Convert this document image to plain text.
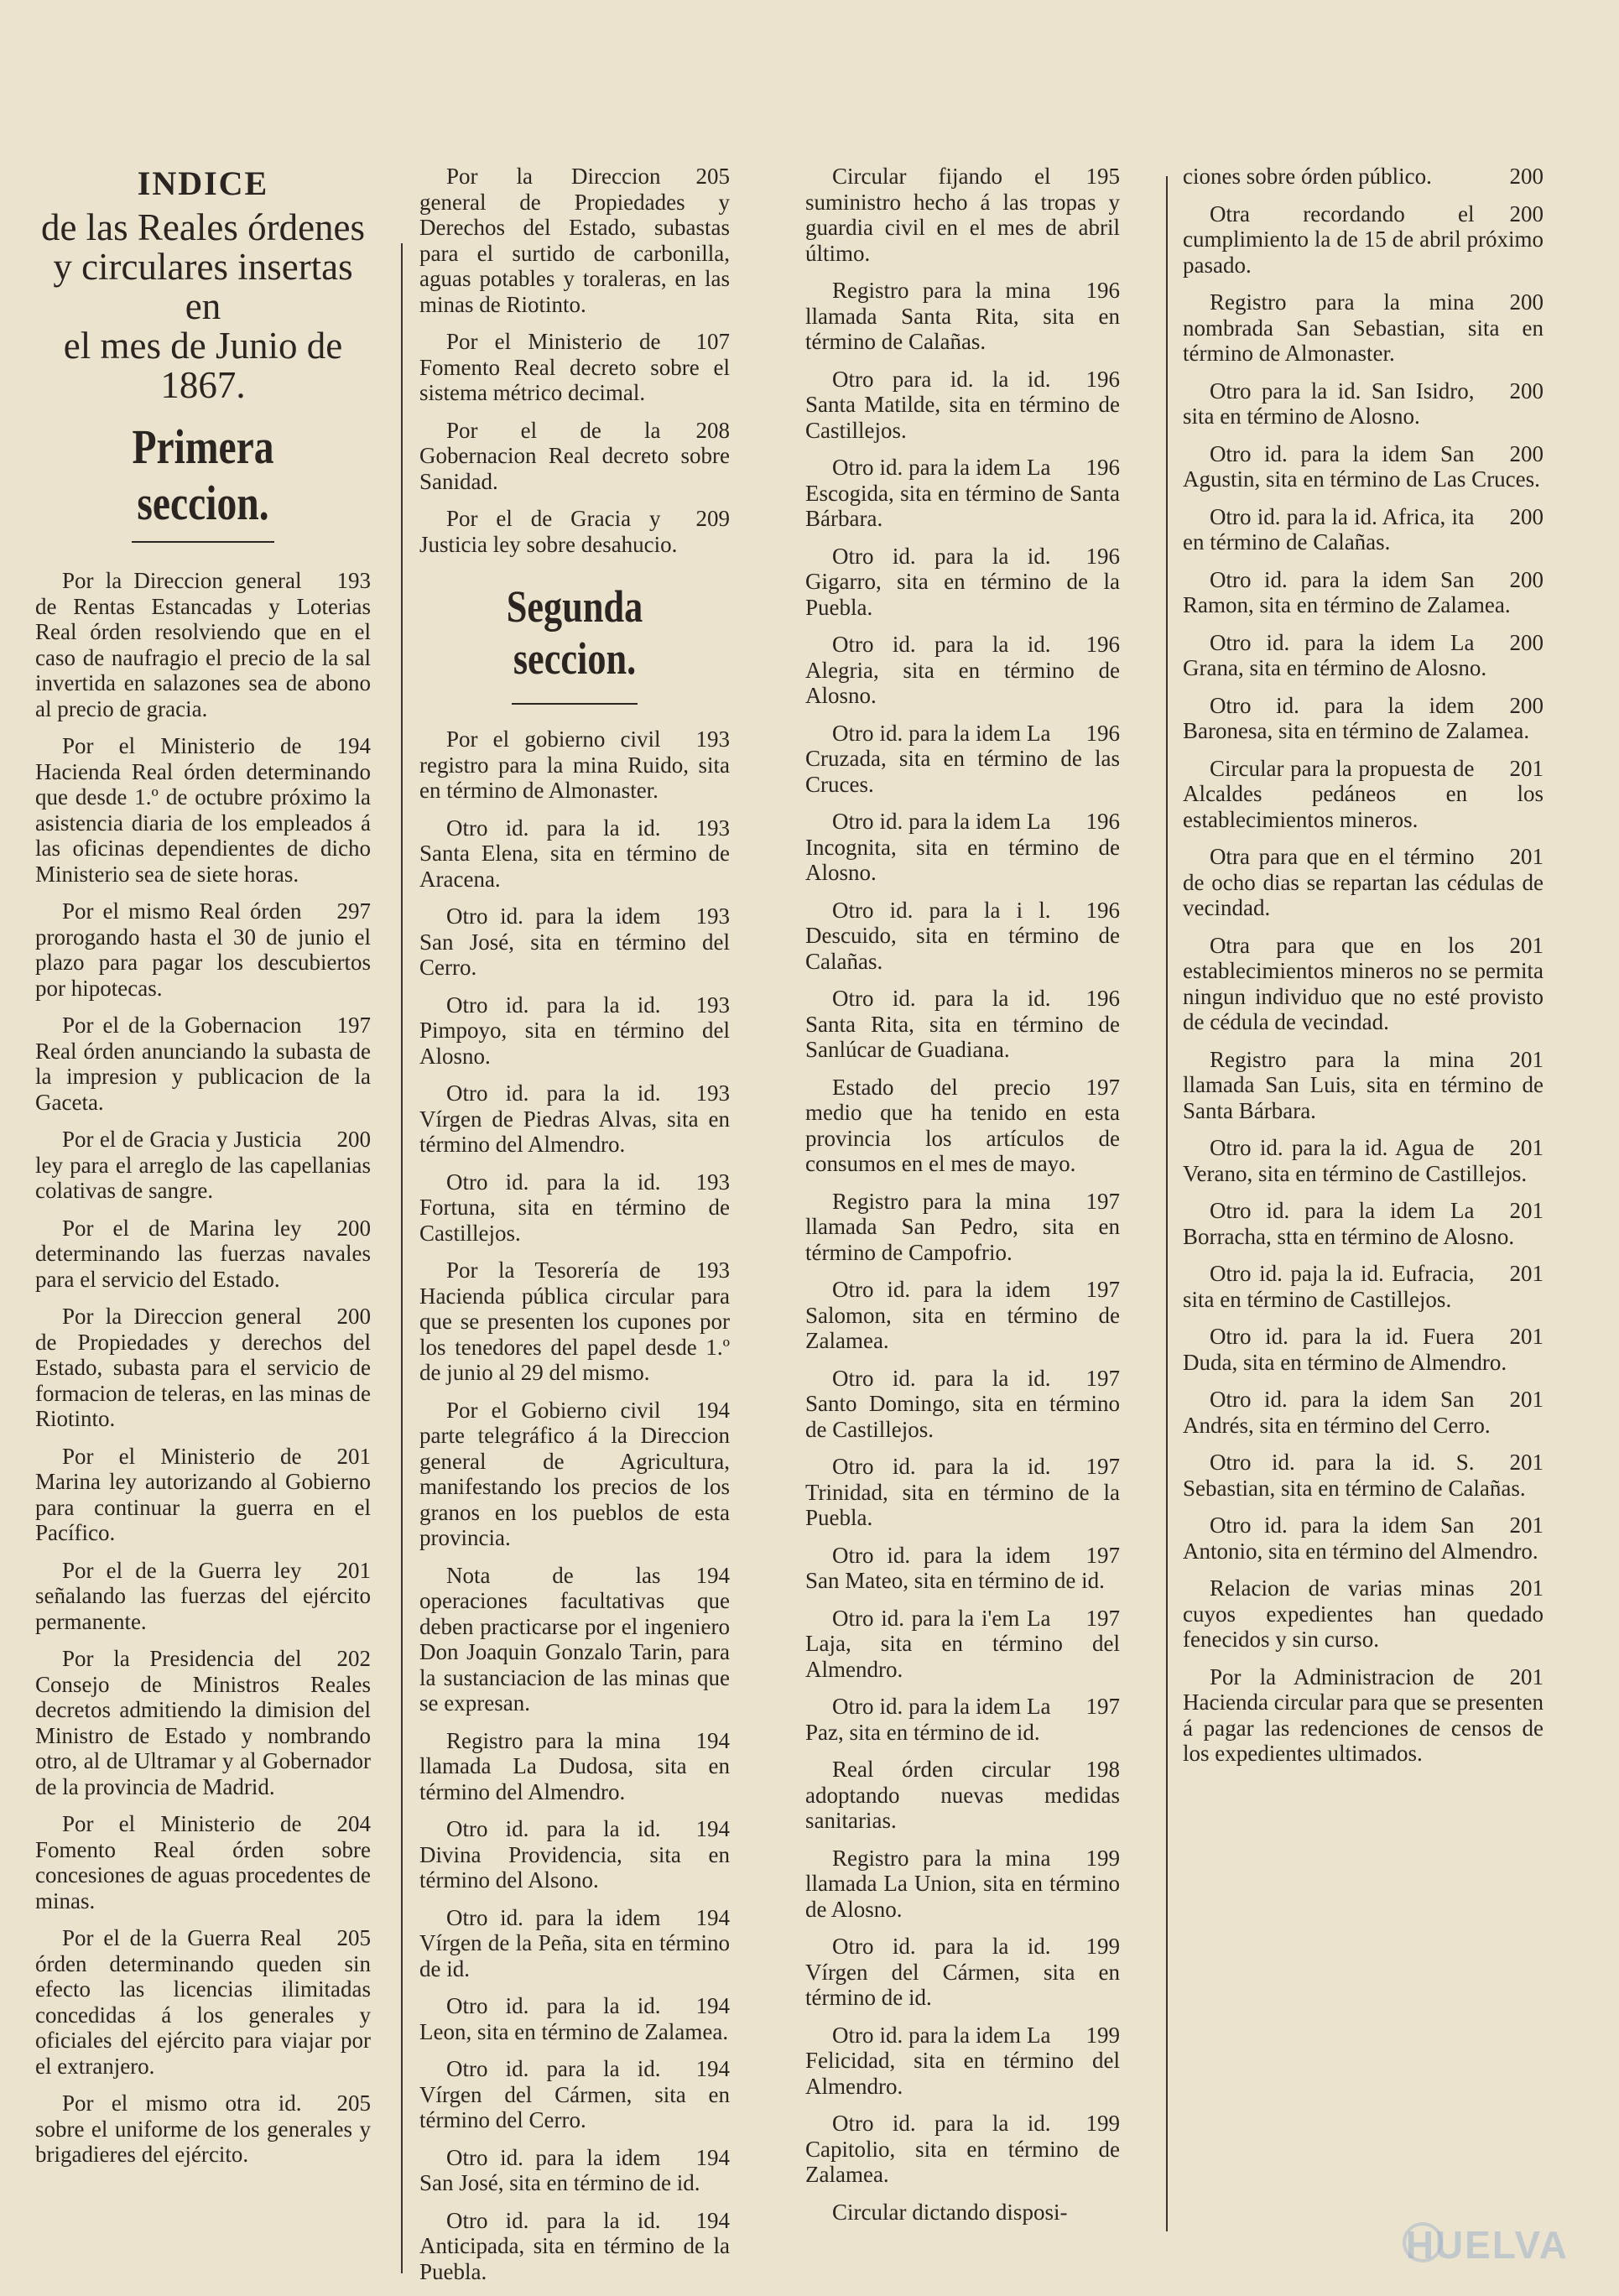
INDICE

de las Reales órdenes

y circulares insertas en

el mes de Junio de 1867.

Primera seccion.
193
Por la Direccion general de Rentas Estancadas y Loterias Real órden resolviendo que en el caso de naufragio el precio de la sal invertida en salazones sea de abono al precio de gracia.
194
Por el Ministerio de Hacienda Real órden determinando que desde 1.º de octubre próximo la asistencia diaria de los empleados á las oficinas dependientes de dicho Ministerio sea de siete horas.
297
Por el mismo Real órden prorogando hasta el 30 de junio el plazo para pagar los descubiertos por hipotecas.
197
Por el de la Gobernacion Real órden anunciando la subasta de la impresion y publicacion de la Gaceta.
200
Por el de Gracia y Justicia ley para el arreglo de las capellanias colativas de sangre.
200
Por el de Marina ley determinando las fuerzas navales para el servicio del Estado.
200
Por la Direccion general de Propiedades y derechos del Estado, subasta para el servicio de formacion de teleras, en las minas de Riotinto.
201
Por el Ministerio de Marina ley autorizando al Gobierno para continuar la guerra en el Pacífico.
201
Por el de la Guerra ley señalando las fuerzas del ejército permanente.
202
Por la Presidencia del Consejo de Ministros Reales decretos admitiendo la dimision del Ministro de Estado y nombrando otro, al de Ultramar y al Gobernador de la provincia de Madrid.
204
Por el Ministerio de Fomento Real órden sobre concesiones de aguas procedentes de minas.
205
Por el de la Guerra Real órden determinando queden sin efecto las licencias ilimitadas concedidas á los generales y oficiales del ejército para viajar por el extranjero.
205
Por el mismo otra id. sobre el uniforme de los generales y brigadieres del ejército.
205
Por la Direccion general de Propiedades y Derechos del Estado, subastas para el surtido de carbonilla, aguas potables y toraleras, en las minas de Riotinto.
107
Por el Ministerio de Fomento Real decreto sobre el sistema métrico decimal.
208
Por el de la Gobernacion Real decreto sobre Sanidad.
209
Por el de Gracia y Justicia ley sobre desahucio.
Segunda seccion.
193
Por el gobierno civil registro para la mina Ruido, sita en término de Almonaster.
193
Otro id. para la id. Santa Elena, sita en término de Aracena.
193
Otro id. para la idem San José, sita en término del Cerro.
193
Otro id. para la id. Pimpoyo, sita en término del Alosno.
193
Otro id. para la id. Vírgen de Piedras Alvas, sita en término del Almendro.
193
Otro id. para la id. Fortuna, sita en término de Castillejos.
193
Por la Tesorería de Hacienda pública circular para que se presenten los cupones por los tenedores del papel desde 1.º de junio al 29 del mismo.
194
Por el Gobierno civil parte telegráfico á la Direccion general de Agricultura, manifestando los precios de los granos en los pueblos de esta provincia.
194
Nota de las operaciones facultativas que deben practicarse por el ingeniero Don Joaquin Gonzalo Tarin, para la sustanciacion de las minas que se expresan.
194
Registro para la mina llamada La Dudosa, sita en término del Almendro.
194
Otro id. para la id. Divina Providencia, sita en término del Alsono.
194
Otro id. para la idem Vírgen de la Peña, sita en término de id.
194
Otro id. para la id. Leon, sita en término de Zalamea.
194
Otro id. para la id. Vírgen del Cármen, sita en término del Cerro.
194
Otro id. para la idem San José, sita en término de id.
194
Otro id. para la id. Anticipada, sita en término de la Puebla.
195
Circular fijando el suministro hecho á las tropas y guardia civil en el mes de abril último.
196
Registro para la mina llamada Santa Rita, sita en término de Calañas.
196
Otro para id. la id. Santa Matilde, sita en término de Castillejos.
196
Otro id. para la idem La Escogida, sita en término de Santa Bárbara.
196
Otro id. para la id. Gigarro, sita en término de la Puebla.
196
Otro id. para la id. Alegria, sita en término de Alosno.
196
Otro id. para la idem La Cruzada, sita en término de las Cruces.
196
Otro id. para la idem La Incognita, sita en término de Alosno.
196
Otro id. para la i l. Descuido, sita en término de Calañas.
196
Otro id. para la id. Santa Rita, sita en término de Sanlúcar de Guadiana.
197
Estado del precio medio que ha tenido en esta provincia los artículos de consumos en el mes de mayo.
197
Registro para la mina llamada San Pedro, sita en término de Campofrio.
197
Otro id. para la idem Salomon, sita en término de Zalamea.
197
Otro id. para la id. Santo Domingo, sita en término de Castillejos.
197
Otro id. para la id. Trinidad, sita en término de la Puebla.
197
Otro id. para la idem San Mateo, sita en término de id.
197
Otro id. para la i'em La Laja, sita en término del Almendro.
197
Otro id. para la idem La Paz, sita en término de id.
198
Real órden circular adoptando nuevas medidas sanitarias.
199
Registro para la mina llamada La Union, sita en término de Alosno.
199
Otro id. para la id. Vírgen del Cármen, sita en término de id.
199
Otro id. para la idem La Felicidad, sita en término del Almendro.
199
Otro id. para la id. Capitolio, sita en término de Zalamea.
Circular dictando disposi-
200
ciones sobre órden público.
200
Otra recordando el cumplimiento la de 15 de abril próximo pasado.
200
Registro para la mina nombrada San Sebastian, sita en término de Almonaster.
200
Otro para la id. San Isidro, sita en término de Alosno.
200
Otro id. para la idem San Agustin, sita en término de Las Cruces.
200
Otro id. para la id. Africa, ita en término de Calañas.
200
Otro id. para la idem San Ramon, sita en término de Zalamea.
200
Otro id. para la idem La Grana, sita en término de Alosno.
200
Otro id. para la idem Baronesa, sita en término de Zalamea.
201
Circular para la propuesta de Alcaldes pedáneos en los establecimientos mineros.
201
Otra para que en el término de ocho dias se repartan las cédulas de vecindad.
201
Otra para que en los establecimientos mineros no se permita ningun individuo que no esté provisto de cédula de vecindad.
201
Registro para la mina llamada San Luis, sita en término de Santa Bárbara.
201
Otro id. para la id. Agua de Verano, sita en término de Castillejos.
201
Otro id. para la idem La Borracha, stta en término de Alosno.
201
Otro id. paja la id. Eufracia, sita en término de Castillejos.
201
Otro id. para la id. Fuera Duda, sita en término de Almendro.
201
Otro id. para la idem San Andrés, sita en término del Cerro.
201
Otro id. para la id. S. Sebastian, sita en término de Calañas.
201
Otro id. para la idem San Antonio, sita en término del Almendro.
201
Relacion de varias minas cuyos expedientes han quedado fenecidos y sin curso.
201
Por la Administracion de Hacienda circular para que se presenten á pagar las redenciones de censos de los expedientes ultimados.
HUELVA
